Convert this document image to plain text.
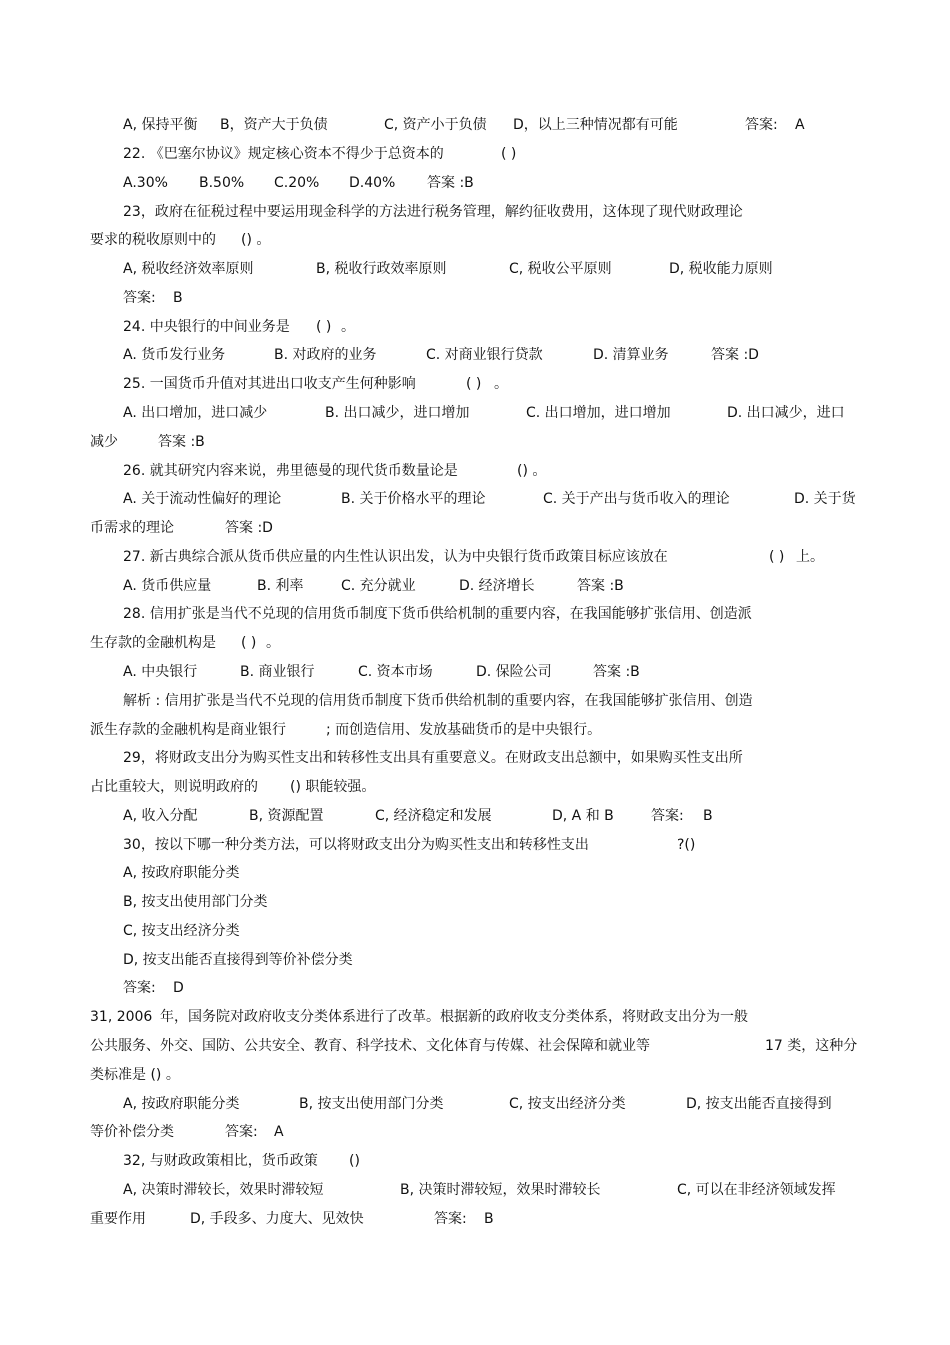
A, 保持平衡 B，资产大于负债	C, 资产小于负债 D，以上三种情况都有可能	答案: A
22. 《巴塞尔协议》规定核心资本不得少于总资本的	( )
A.30% B.50% C.20% D.40% 答案 :B
23，政府在征税过程中要运用现金科学的方法进行税务管理，解约征收费用，这体现了现代财政理论
要求的税收原则中的 () 。
A, 税收经济效率原则	B, 税收行政效率原则	C, 税收公平原则	D, 税收能力原则
答案: B
24. 中央银行的中间业务是 ( ) 。
A. 货币发行业务	B. 对政府的业务	C. 对商业银行贷款	D. 清算业务	答案 :D
25. 一国货币升值对其进出口收支产生何种影响	( ) 。
A. 出口增加，进口减少	B. 出口减少，进口增加	C. 出口增加，进口增加	D. 出口减少，进口
减少	答案 :B
26. 就其研究内容来说，弗里德曼的现代货币数量论是	() 。
A. 关于流动性偏好的理论	B. 关于价格水平的理论	C. 关于产出与货币收入的理论	D. 关于货
币需求的理论	答案 :D
27. 新古典综合派从货币供应量的内生性认识出发，认为中央银行货币政策目标应该放在	( ) 上。
A. 货币供应量	B. 利率	C. 充分就业	D. 经济增长	答案 :B
28. 信用扩张是当代不兑现的信用货币制度下货币供给机制的重要内容，在我国能够扩张信用、创造派
生存款的金融机构是 ( ) 。
A. 中央银行	B. 商业银行	C. 资本市场	D. 保险公司	答案 :B
解析 : 信用扩张是当代不兑现的信用货币制度下货币供给机制的重要内容，在我国能够扩张信用、创造
派生存款的金融机构是商业银行	; 而创造信用、发放基础货币的是中央银行。
29，将财政支出分为购买性支出和转移性支出具有重要意义。在财政支出总额中，如果购买性支出所
占比重较大，则说明政府的 () 职能较强。
A, 收入分配	B, 资源配置	C, 经济稳定和发展	D, A 和 B	答案: B
30，按以下哪一种分类方法，可以将财政支出分为购买性支出和转移性支出	?()
A, 按政府职能分类
B, 按支出使用部门分类
C, 按支出经济分类
D, 按支出能否直接得到等价补偿分类
答案: D
31, 2006 年，国务院对政府收支分类体系进行了改革。根据新的政府收支分类体系，将财政支出分为一般
公共服务、外交、国防、公共安全、教育、科学技术、文化体育与传媒、社会保障和就业等	17 类，这种分
类标准是 () 。
A, 按政府职能分类	B, 按支出使用部门分类	C, 按支出经济分类	D, 按支出能否直接得到
等价补偿分类	答案: A
32, 与财政政策相比，货币政策 ()
A, 决策时滞较长，效果时滞较短	B, 决策时滞较短，效果时滞较长	C, 可以在非经济领域发挥
重要作用	D, 手段多、力度大、见效快	答案: B
